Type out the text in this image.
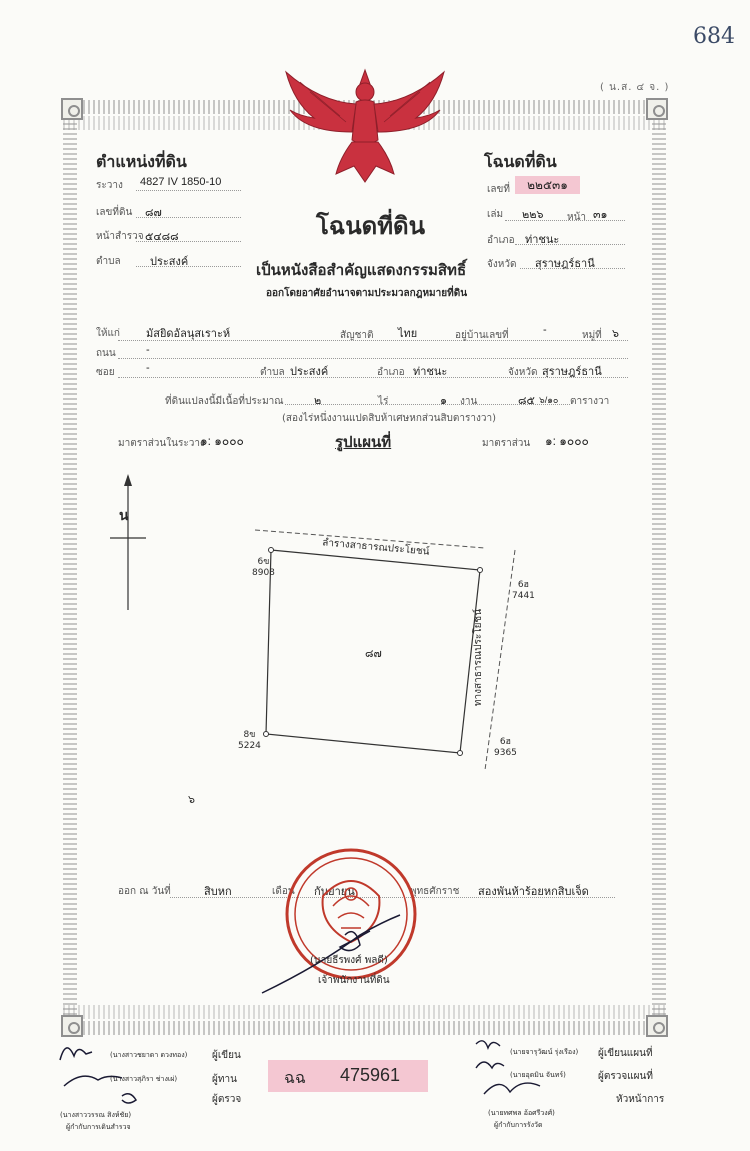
684
( น.ส. ๔ จ. )
ตำแหน่งที่ดิน
ระวาง 4827 IV 1850-10
เลขที่ดิน ๘๗
หน้าสำรวจ ๕๔๘๘
ตำบล	ประสงค์
โฉนดที่ดิน
เลขที่	๒๒๕๓๑
เล่ม ๒๒๖ หน้า ๓๑
อำเภอ ท่าชนะ
จังหวัด สุราษฎร์ธานี
โฉนดที่ดิน
เป็นหนังสือสำคัญแสดงกรรมสิทธิ์
ออกโดยอาศัยอำนาจตามประมวลกฎหมายที่ดิน
ให้แก่ มัสยิดอัลนุสเราะห์	สัญชาติ ไทย	อยู่บ้านเลขที่	-	หมู่ที่ ๖
ถนน	-
ซอย	-	ตำบล ประสงค์	อำเภอ ท่าชนะ	จังหวัด สุราษฎร์ธานี
ที่ดินแปลงนี้มีเนื้อที่ประมาณ	๒	ไร่	๑ งาน	๘๕ ๖/๑๐ ตารางวา
(สองไร่หนึ่งงานแปดสิบห้าเศษหกส่วนสิบตารางวา)
มาตราส่วนในระวาง
๑: ๑๐๐๐	รูปแผนที่	มาตราส่วน ๑: ๑๐๐๐
น
ลำรางสาธารณประโยชน์
ทางสาธารณประโยชน์
๘๗
6ข
8908
6ฮ
7441
8ข
5224	6ฮ
9365
๖
ออก ณ วันที่	สิบหก	เดือน กันยายน	พุทธศักราช สองพันห้าร้อยหกสิบเจ็ด
(นายธีรพงศ์ พลดี)
เจ้าพนักงานที่ดิน
ฉฉ 475961
(นางสาวชยาดา ดวงทอง) ผู้เขียน
(นางสาวสุภิรา ช่างเผ่)	ผู้ทาน
ผู้ตรวจ
(นางสาววรรณ สิงห์ชัย)
ผู้กำกับการเดินสำรวจ
(นายจารุวัฒน์ รุ่งเรือง) ผู้เขียนแผนที่
(นายอุดมิน จันทร์)	ผู้ตรวจแผนที่
หัวหน้าการ
(นายทศพล อ้อศรีวงศ์)
ผู้กำกับการรังวัด
